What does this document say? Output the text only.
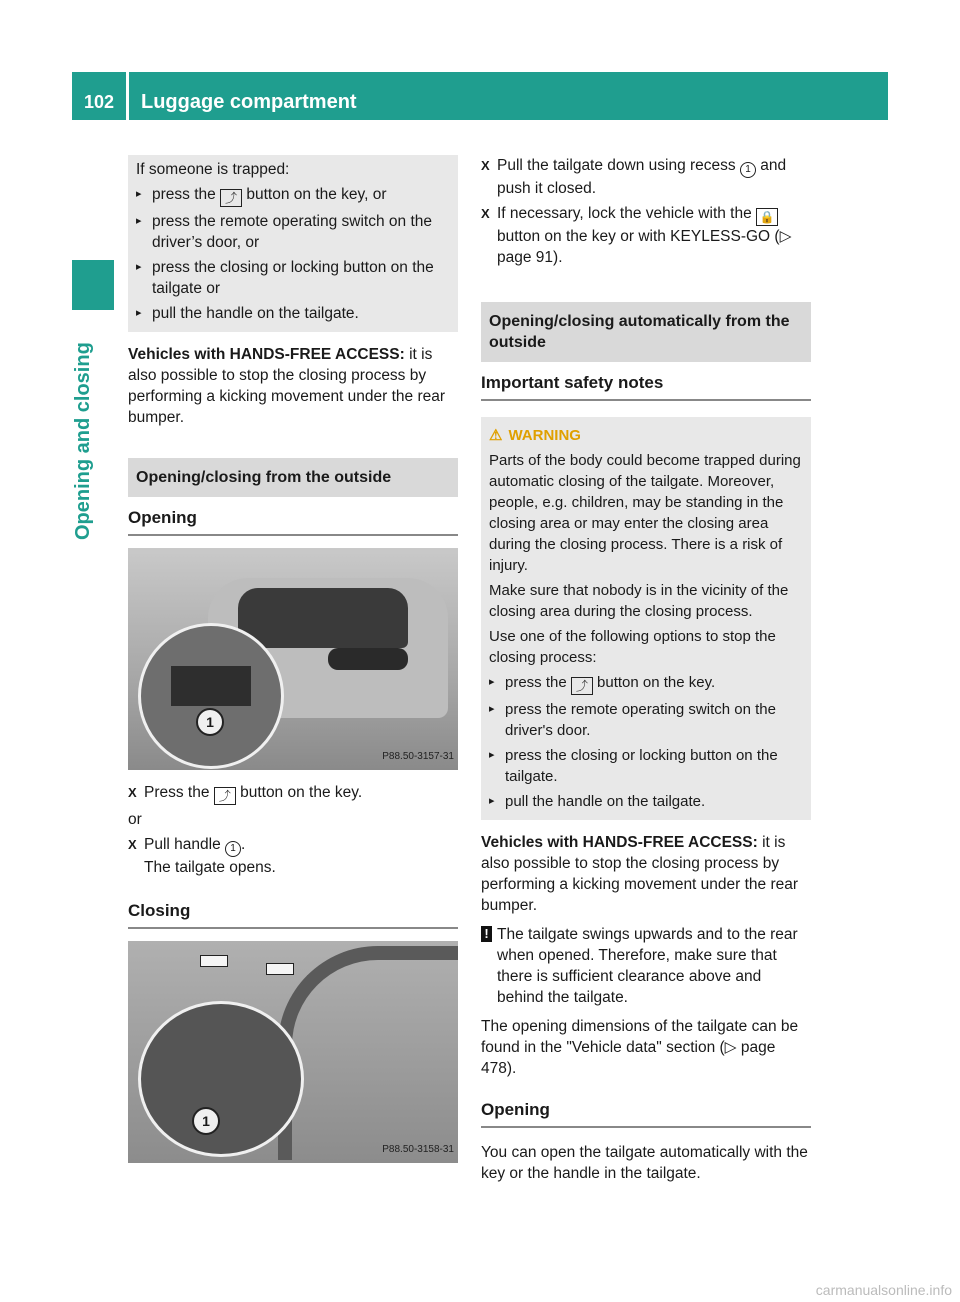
102	Luggage compartment
Opening and closing

If someone is trapped:

▸ press the ⤴ button on the key, or
▸ press the remote operating switch on the driver’s door, or
▸ press the closing or locking button on the tailgate or
▸ pull the handle on the tailgate.

Vehicles with HANDS-FREE ACCESS: it is also possible to stop the closing process by performing a kicking movement under the rear bumper.

Opening/closing from the outside
Opening
1
P88.50-3157-31
X Press the ⤴ button on the key.

or

X Pull handle 1 .
The tailgate opens.
Closing
1
P88.50-3158-31
X Pull the tailgate down using recess 1 and push it closed.
X If necessary, lock the vehicle with the 🔒 button on the key or with KEYLESS-GO (▷ page 91).
Opening/closing automatically from the outside
Important safety notes
⚠ WARNING

Parts of the body could become trapped during automatic closing of the tailgate. Moreover, people, e.g. children, may be standing in the closing area or may enter the closing area during the closing process. There is a risk of injury.

Make sure that nobody is in the vicinity of the closing area during the closing process.

Use one of the following options to stop the closing process:

▸ press the ⤴ button on the key.
▸ press the remote operating switch on the driver's door.
▸ press the closing or locking button on the tailgate.
▸ pull the handle on the tailgate.

Vehicles with HANDS-FREE ACCESS: it is also possible to stop the closing process by performing a kicking movement under the rear bumper.

! The tailgate swings upwards and to the rear when opened. Therefore, make sure that there is sufficient clearance above and behind the tailgate.

The opening dimensions of the tailgate can be found in the "Vehicle data" section (▷ page 478).

Opening

You can open the tailgate automatically with the key or the handle in the tailgate.

carmanualsonline.info
